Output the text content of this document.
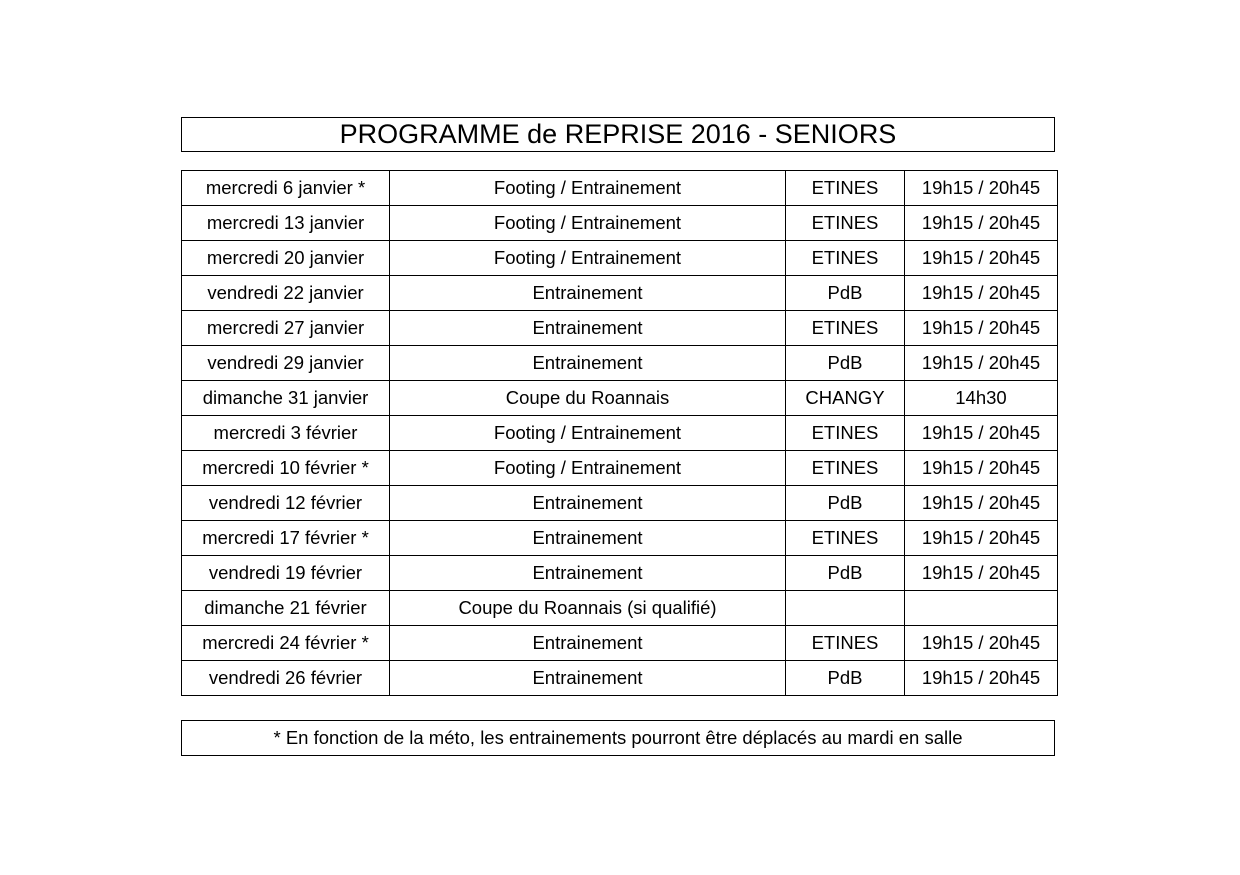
PROGRAMME de REPRISE 2016 - SENIORS
mercredi 6 janvier *	Footing / Entrainement	ETINES	19h15 / 20h45
mercredi 13 janvier	Footing / Entrainement	ETINES	19h15 / 20h45
mercredi 20 janvier	Footing / Entrainement	ETINES	19h15 / 20h45
vendredi 22 janvier	Entrainement	PdB	19h15 / 20h45
mercredi 27 janvier	Entrainement	ETINES	19h15 / 20h45
vendredi 29 janvier	Entrainement	PdB	19h15 / 20h45
dimanche 31 janvier	Coupe du Roannais	CHANGY	14h30
mercredi 3 février	Footing / Entrainement	ETINES	19h15 / 20h45
mercredi 10 février *	Footing / Entrainement	ETINES	19h15 / 20h45
vendredi 12 février	Entrainement	PdB	19h15 / 20h45
mercredi 17 février *	Entrainement	ETINES	19h15 / 20h45
vendredi 19 février	Entrainement	PdB	19h15 / 20h45
dimanche 21 février	Coupe du Roannais (si qualifié)		
mercredi 24 février *	Entrainement	ETINES	19h15 / 20h45
vendredi 26 février	Entrainement	PdB	19h15 / 20h45
* En fonction de la méto, les entrainements pourront être déplacés au mardi en salle
